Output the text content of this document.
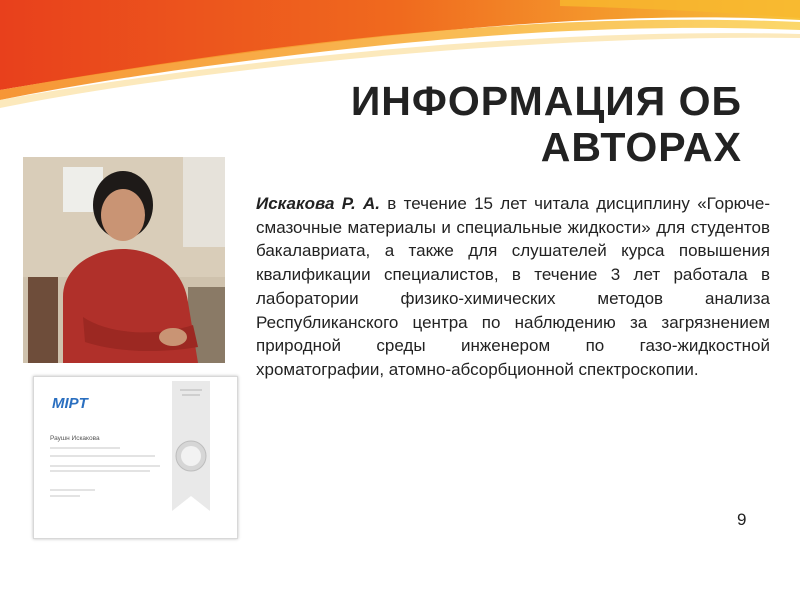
ИНФОРМАЦИЯ ОБ
АВТОРАХ
MIPT
Раушн Искакова

Искакова Р. А. в течение 15 лет читала дисциплину «Горюче-смазочные материалы и специальные жидкости» для студентов бакалавриата, а также для слушателей курса повышения квалификации специалистов, в течение 3 лет работала в лаборатории физико-химических методов анализа Республиканского центра по наблюдению за загрязнением природной среды инженером по газо-жидкостной хроматографии, атомно-абсорбционной спектроскопии.

9
